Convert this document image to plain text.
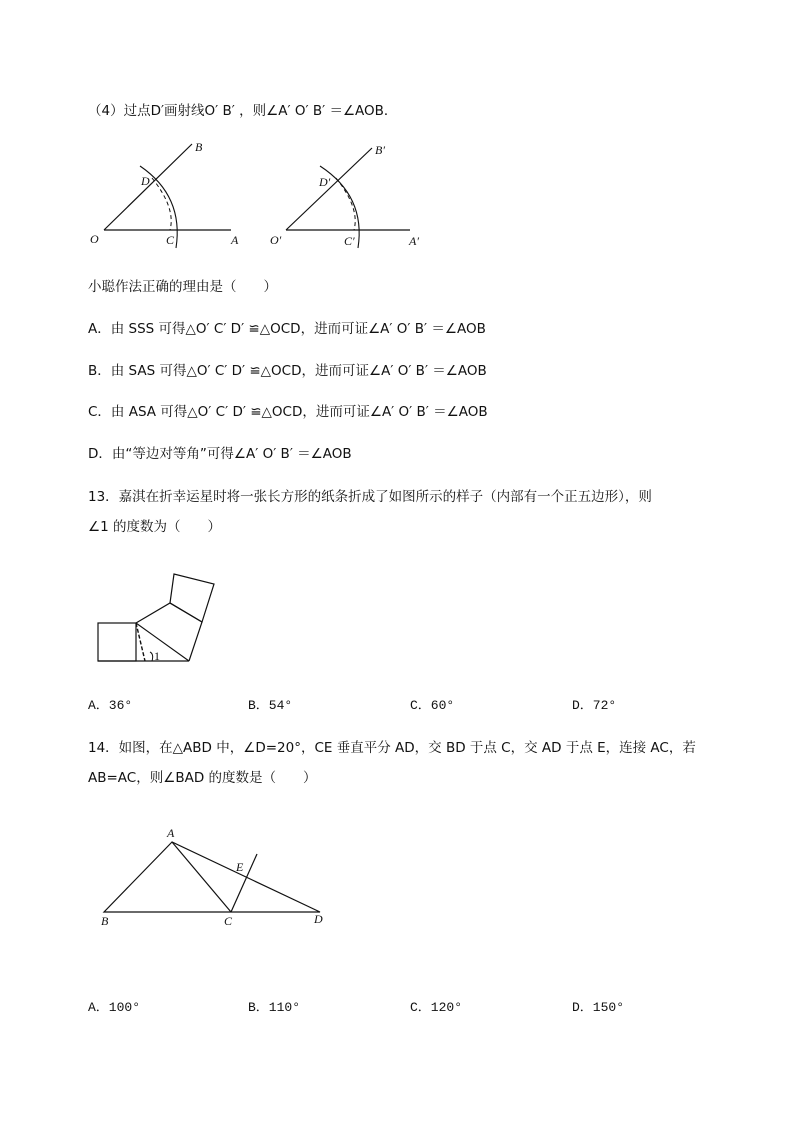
（4）过点D′画射线O′ B′ ，则∠A′ O′ B′ ＝∠AOB．
B
D
O	C	A
B′
D′
O′	C′	A′
小聪作法正确的理由是（　　）
A．由 SSS 可得△O′ C′ D′ ≌△OCD，进而可证∠A′ O′ B′ ＝∠AOB
B．由 SAS 可得△O′ C′ D′ ≌△OCD，进而可证∠A′ O′ B′ ＝∠AOB
C．由 ASA 可得△O′ C′ D′ ≌△OCD，进而可证∠A′ O′ B′ ＝∠AOB
D．由“等边对等角”可得∠A′ O′ B′ ＝∠AOB
13．嘉淇在折幸运星时将一张长方形的纸条折成了如图所示的样子（内部有一个正五边形），则
∠1 的度数为（　　）
1
A．36°	B．54°	C．60°	D．72°
14．如图，在△ABD 中，∠D=20°，CE 垂直平分 AD，交 BD 于点 C，交 AD 于点 E，连接 AC，若
AB=AC，则∠BAD 的度数是（　　）
A
B	C	D
E
A．100°	B．110°	C．120°	D．150°
